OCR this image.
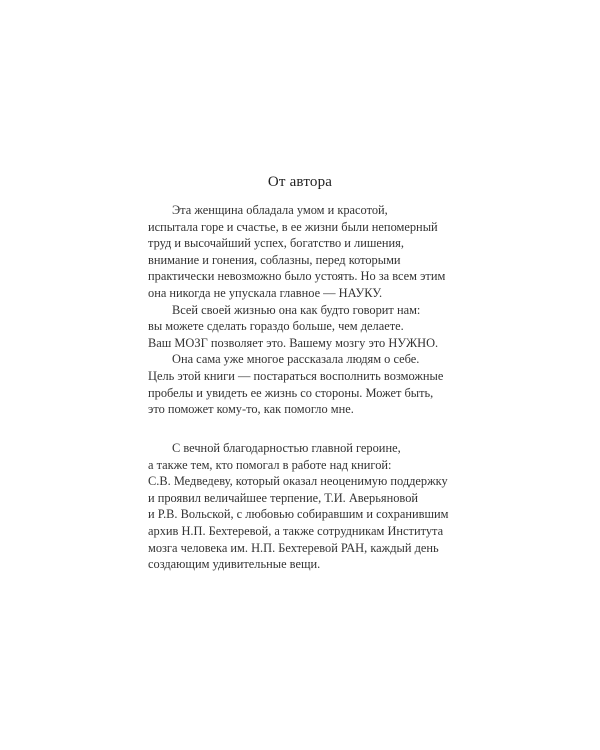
От автора
Эта женщина обладала умом и красотой,
испытала горе и счастье, в ее жизни были непомерный
труд и высочайший успех, богатство и лишения,
внимание и гонения, соблазны, перед которыми
практически невозможно было устоять. Но за всем этим
она никогда не упускала главное — НАУКУ.
Всей своей жизнью она как будто говорит нам:
вы можете сделать гораздо больше, чем делаете.
Ваш МОЗГ позволяет это. Вашему мозгу это НУЖНО.
Она сама уже многое рассказала людям о себе.
Цель этой книги — постараться восполнить возможные
пробелы и увидеть ее жизнь со стороны. Может быть,
это поможет кому-то, как помогло мне.
С вечной благодарностью главной героине,
а также тем, кто помогал в работе над книгой:
С.В. Медведеву, который оказал неоценимую поддержку
и проявил величайшее терпение, Т.И. Аверьяновой
и Р.В. Вольской, с любовью собиравшим и сохранившим
архив Н.П. Бехтеревой, а также сотрудникам Института
мозга человека им. Н.П. Бехтеревой РАН, каждый день
создающим удивительные вещи.
